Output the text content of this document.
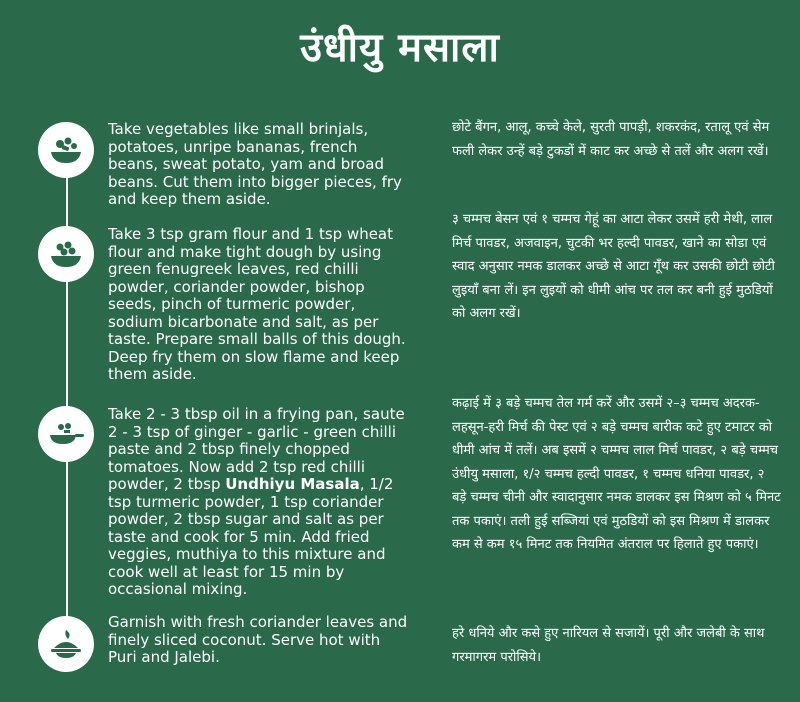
उंधीयु मसाला

Take vegetables like small brinjals, potatoes, unripe bananas, french beans, sweat potato, yam and broad beans. Cut them into bigger pieces, fry and keep them aside.

छोटे बैंगन, आलू, कच्चे केले, सुरती पापड़ी, शकरकंद, रतालू एवं सेम फली लेकर उन्हें बड़े टुकडों में काट कर अच्छे से तलें और अलग रखें।

Take 3 tsp gram flour and 1 tsp wheat flour and make tight dough by using green fenugreek leaves, red chilli powder, coriander powder, bishop seeds, pinch of turmeric powder, sodium bicarbonate and salt, as per taste. Prepare small balls of this dough. Deep fry them on slow flame and keep them aside.

३ चम्मच बेसन एवं १ चम्मच गेहूं का आटा लेकर उसमें हरी मेथी, लाल मिर्च पावडर, अजवाइन, चुटकी भर हल्दी पावडर, खाने का सोडा एवं स्वाद अनुसार नमक डालकर अच्छे से आटा गूँथ कर उसकी छोटी छोटी लुइयाँ बना लें। इन लुइयों को धीमी आंच पर तल कर बनी हुई मुठडियों को अलग रखें।

Take 2 - 3 tbsp oil in a frying pan, saute 2 - 3 tsp of ginger - garlic - green chilli paste and 2 tbsp finely chopped tomatoes. Now add 2 tsp red chilli powder, 2 tbsp Undhiyu Masala, 1/2 tsp turmeric powder, 1 tsp coriander powder, 2 tbsp sugar and salt as per taste and cook for 5 min. Add fried veggies, muthiya to this mixture and cook well at least for 15 min by occasional mixing.

कढ़ाई में ३ बड़े चम्मच तेल गर्म करें और उसमें २–३ चम्मच अदरक-लहसून-हरी मिर्च की पेस्ट एवं २ बड़े चम्मच बारीक कटे हुए टमाटर को धीमी आंच में तलें। अब इसमें २ चम्मच लाल मिर्च पावडर, २ बड़े चम्मच उंधीयु मसाला, १/२ चम्मच हल्दी पावडर, १ चम्मच धनिया पावडर, २ बड़े चम्मच चीनी और स्वादानुसार नमक डालकर इस मिश्रण को ५ मिनट तक पकाएं। तली हुई सब्जियां एवं मुठडियों को इस मिश्रण में डालकर कम से कम १५ मिनट तक नियमित अंतराल पर हिलाते हुए पकाएं।

Garnish with fresh coriander leaves and finely sliced coconut. Serve hot with Puri and Jalebi.

हरे धनिये और कसे हुए नारियल से सजायें। पूरी और जलेबी के साथ गरमागरम परोसिये।
